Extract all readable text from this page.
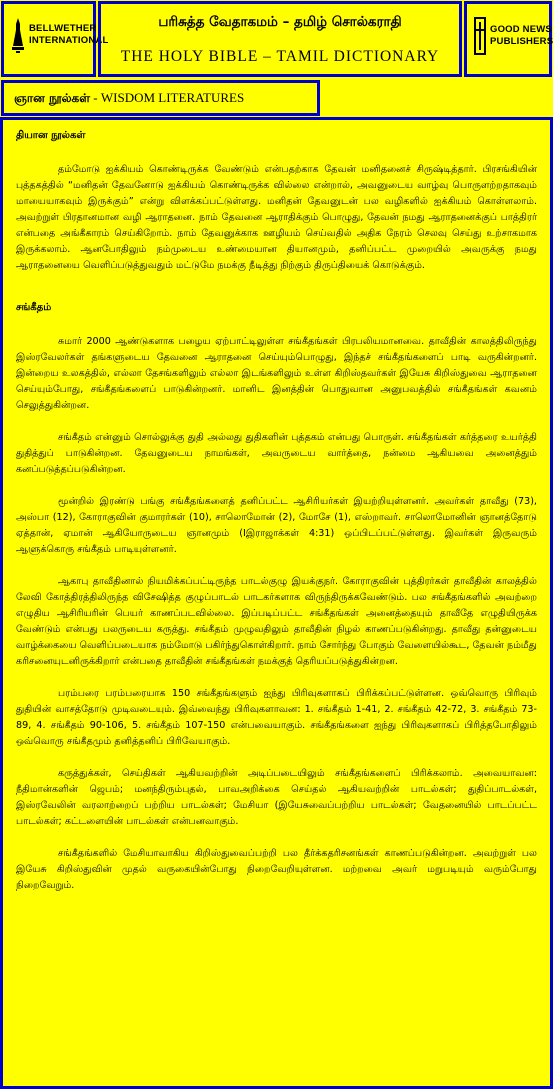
BELLWETHER
INTERNATIONAL
பரிசுத்த வேதாகமம் – தமிழ் சொல்கராதி
THE HOLY BIBLE – TAMIL DICTIONARY
GOOD NEWS
PUBLISHERS
ஞான நூல்கள் - WISDOM LITERATURES
தியான நூல்கள்

தம்மோடு ஐக்கியம் கொண்டிருக்க வேண்டும் என்பதற்காக தேவன் மனிதனைச் சிருஷ்டித்தார். பிரசங்கியின் புத்தகத்தில் “மனிதன் தேவனோடு ஐக்கியம் கொண்டிருக்க வில்லை என்றால், அவனுடைய வாழ்வு பொருளற்றதாகவும் மாயையாகவும் இருக்கும்” என்று விளக்கப்பட்டுள்ளது. மனிதன் தேவனுடன் பல வழிகளில் ஐக்கியம் கொள்ளலாம். அவற்றுள் பிரதானமான வழி ஆராதனை. நாம் தேவனை ஆராதிக்கும் பொழுது, தேவன் நமது ஆராதனைக்குப் பாத்திரர் என்பதை அங்கீகாரம் செய்கிறோம். நாம் தேவனுக்காக ஊழியம் செய்வதில் அதிக நேரம் செலவு செய்து உற்சாகமாக இருக்கலாம். ஆனபோதிலும் நம்முடைய உண்மையான தியானமும், தனிப்பட்ட முறையில் அவருக்கு நமது ஆராதனையை வெளிப்படுத்துவதும் மட்டுமே நமக்கு நீடித்து நிற்கும் திருப்தியைக் கொடுக்கும்.

சங்கீதம்

சுமார் 2000 ஆண்டுகளாக பழைய ஏற்பாட்டிலுள்ள சங்கீதங்கள் பிரபலியமானவை. தாவீதின் காலத்திலிருந்து இஸ்ரவேலர்கள் தங்களுடைய தேவனை ஆராதனை செய்யும்பொழுது, இந்தச் சங்கீதங்களைப் பாடி வருகின்றனர். இன்றைய உலகத்தில், எல்லா தேசங்களிலும் எல்லா இடங்களிலும் உள்ள கிறிஸ்தவர்கள் இயேசு கிறிஸ்துவை ஆராதனை செய்யும்போது, சங்கீதங்களைப் பாடுகின்றனர். மானிட இனத்தின் பொதுவான அனுபவத்தில் சங்கீதங்கள் கவனம் செலுத்துகின்றன.

சங்கீதம் என்னும் சொல்லுக்கு துதி அல்லது துதிகளின் புத்தகம் என்பது பொருள். சங்கீதங்கள் கர்த்தரை உயர்த்தி துதித்துப் பாடுகின்றன. தேவனுடைய நாமங்கள், அவருடைய வார்த்தை, நன்மை ஆகியவை அனைத்தும் கனப்படுத்தப்படுகின்றன.

மூன்றில் இரண்டு பங்கு சங்கீதங்களைத் தனிப்பட்ட ஆசிரியர்கள் இயற்றியுள்ளனர். அவர்கள் தாவீது (73), அஸ்பா (12), கோராகுவின் குமாரர்கள் (10), சாலொமோன் (2), மோசே (1), எஸ்றாவர். சாலொமோனின் ஞானத்தோடு ஏத்தான், ஏமான் ஆகியோருடைய ஞானமும் (Iஇராஜாக்கள் 4:31) ஒப்பிடப்பட்டுள்ளது. இவர்கள் இருவரும் ஆளுக்கொரு சங்கீதம் பாடியுள்ளனர்.

ஆகாபு தாவீதினால் நியமிக்கப்பட்டிருந்த பாடல்குழு இயக்குநர். கோராகுவின் புத்திரர்கள் தாவீதின் காலத்தில் லேவி கோத்திரத்திலிருந்த விசேஷித்த குழுப்பாடல் பாடகர்களாக விருந்திருக்கவேண்டும். பல சங்கீதங்களில் அவற்றை எழுதிய ஆசிரியரின் பெயர் காணப்படவில்லை. இப்படிப்பட்ட சங்கீதங்கள் அனைத்தையும் தாவீதே எழுதியிருக்க வேண்டும் என்பது பலருடைய கருத்து. சங்கீதம் முழுவதிலும் தாவீதின் நிழல் காணப்படுகின்றது. தாவீது தன்னுடைய வாழ்க்கையை வெளிப்படையாக நம்மோடு பகிர்ந்துகொள்கிறார். நாம் சோர்ந்து போகும் வேளையில்கூட, தேவன் நம்மீது கரிசனையுடனிருக்கிறார் என்பதை தாவீதின் சங்கீதங்கள் நமக்குத் தெரியப்படுத்துகின்றன.

பரம்பரை பரம்பரையாக 150 சங்கீதங்களும் ஐந்து பிரிவுகளாகப் பிரிக்கப்பட்டுள்ளன. ஒவ்வொரு பிரிவும் துதியின் வாசத்தோடு முடிவடையும். இவ்வைந்து பிரிவுகளாவன: 1. சங்கீதம் 1-41, 2. சங்கீதம் 42-72, 3. சங்கீதம் 73-89, 4. சங்கீதம் 90-106, 5. சங்கீதம் 107-150 என்பவையாகும். சங்கீதங்களை ஐந்து பிரிவுகளாகப் பிரித்தபோதிலும் ஒவ்வொரு சங்கீதமும் தனித்தனிப் பிரிவேயாகும்.

கருத்துக்கள், செய்திகள் ஆகியவற்றின் அடிப்படையிலும் சங்கீதங்களைப் பிரிக்கலாம். அவையாவன: நீதிமான்களின் ஜெபம்; மனந்திரும்புதல், பாவஅறிக்கை செய்தல் ஆகியவற்றின் பாடல்கள்; துதிப்பாடல்கள், இஸ்ரவேலின் வரலாற்றைப் பற்றிய பாடல்கள்; மேசியா (இயேசுவைப்பற்றிய பாடல்கள்; வேதனையில் பாடப்பட்ட பாடல்கள்; கட்டளையின் பாடல்கள் என்பனவாகும்.

சங்கீதங்களில் மேசியாவாகிய கிறிஸ்துவைப்பற்றி பல தீர்க்கதரிசனங்கள் காணப்படுகின்றன. அவற்றுள் பல இயேசு கிறிஸ்துவின் முதல் வருகையின்போது நிறைவேறியுள்ளன. மற்றவை அவர் மறுபடியும் வரும்போது நிறைவேறும்.
